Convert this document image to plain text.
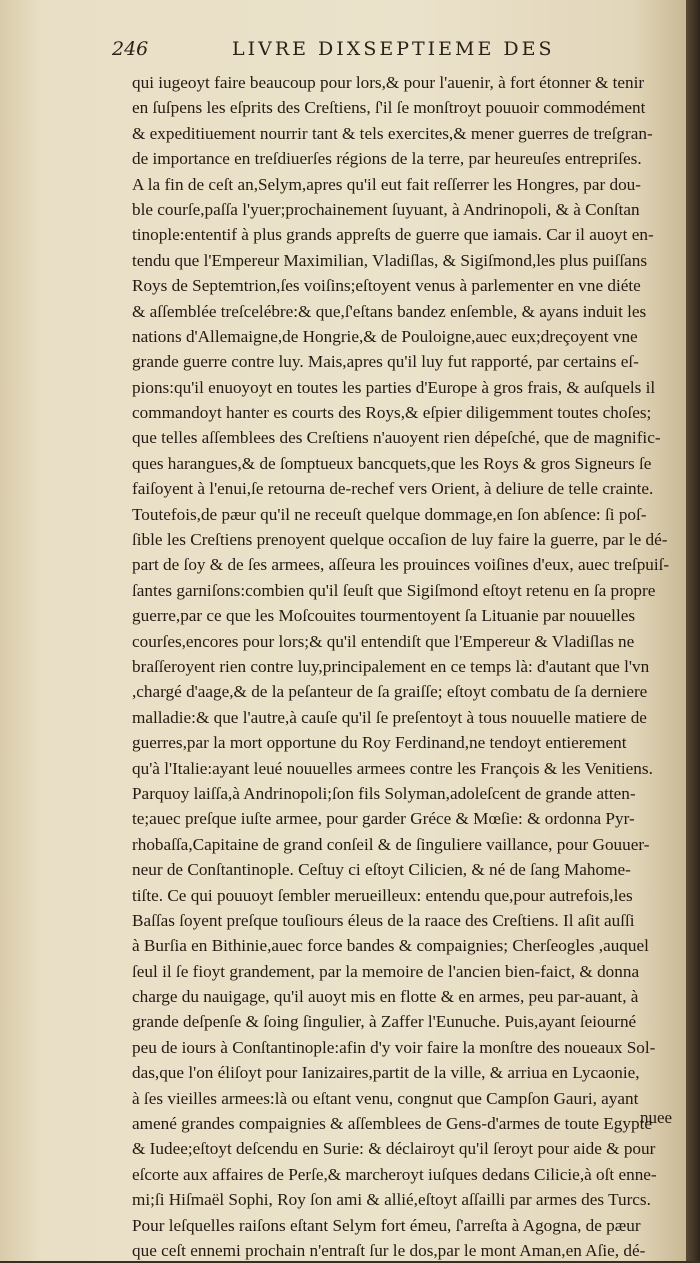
246	LIVRE DIXSEPTIEME DES
qui iugeoyt faire beaucoup pour lors,& pour l'auenir, à fort étonner & tenir
en ſuſpens les eſprits des Creſtiens, ſ'il ſe monſtroyt pouuoir commodément
& expeditiuement nourrir tant & tels exercites,& mener guerres de treſgran-
de importance en treſdiuerſes régions de la terre, par heureuſes entrepriſes.
A la fin de ceſt an,Selym,apres qu'il eut fait reſſerrer les Hongres, par dou-
ble courſe,paſſa l'yuer;prochainement ſuyuant, à Andrinopoli, & à Conſtan
tinople:ententif à plus grands appreſts de guerre que iamais. Car il auoyt en-
tendu que l'Empereur Maximilian, Vladiſlas, & Sigiſmond,les plus puiſſans
Roys de Septemtrion,ſes voiſins;eſtoyent venus à parlementer en vne diéte
& aſſemblée treſcelébre:& que,ſ'eſtans bandez enſemble, & ayans induit les
nations d'Allemaigne,de Hongrie,& de Pouloigne,auec eux;dreçoyent vne
grande guerre contre luy. Mais,apres qu'il luy fut rapporté, par certains eſ-
pions:qu'il enuoyoyt en toutes les parties d'Europe à gros frais, & auſquels il
commandoyt hanter es courts des Roys,& eſpier diligemment toutes choſes;
que telles aſſemblees des Creſtiens n'auoyent rien dépeſché, que de magnific-
ques harangues,& de ſomptueux bancquets,que les Roys & gros Signeurs ſe
faiſoyent à l'enui,ſe retourna de-rechef vers Orient, à deliure de telle crainte.
Toutefois,de pæur qu'il ne receuſt quelque dommage,en ſon abſence: ſi poſ-
ſible les Creſtiens prenoyent quelque occaſion de luy faire la guerre, par le dé-
part de ſoy & de ſes armees, aſſeura les prouinces voiſines d'eux, auec treſpuiſ-
ſantes garniſons:combien qu'il ſeuſt que Sigiſmond eſtoyt retenu en ſa propre
guerre,par ce que les Moſcouites tourmentoyent ſa Lituanie par nouuelles
courſes,encores pour lors;& qu'il entendiſt que l'Empereur & Vladiſlas ne
braſſeroyent rien contre luy,principalement en ce temps là: d'autant que l'vn
,chargé d'aage,& de la peſanteur de ſa graiſſe; eſtoyt combatu de ſa derniere
malladie:& que l'autre,à cauſe qu'il ſe preſentoyt à tous nouuelle matiere de
guerres,par la mort opportune du Roy Ferdinand,ne tendoyt entierement
qu'à l'Italie:ayant leué nouuelles armees contre les François & les Venitiens.
Parquoy laiſſa,à Andrinopoli;ſon fils Solyman,adoleſcent de grande atten-
te;auec preſque iuſte armee, pour garder Gréce & Mœſie: & ordonna Pyr-
rhobaſſa,Capitaine de grand conſeil & de ſinguliere vaillance, pour Gouuer-
neur de Conſtantinople. Ceſtuy ci eſtoyt Cilicien, & né de ſang Mahome-
tiſte. Ce qui pouuoyt ſembler merueilleux: entendu que,pour autrefois,les
Baſſas ſoyent preſque touſiours éleus de la raace des Creſtiens. Il aſit auſſi
à Burſia en Bithinie,auec force bandes & compaignies; Cherſeogles ,auquel
ſeul il ſe fioyt grandement, par la memoire de l'ancien bien-faict, & donna
charge du nauigage, qu'il auoyt mis en flotte & en armes, peu par-auant, à
grande deſpenſe & ſoing ſingulier, à Zaffer l'Eunuche. Puis,ayant ſeiourné
peu de iours à Conſtantinople:afin d'y voir faire la monſtre des noueaux Sol-
das,que l'on éliſoyt pour Ianizaires,partit de la ville, & arriua en Lycaonie,
à ſes vieilles armees:là ou eſtant venu, congnut que Campſon Gauri, ayant
amené grandes compaignies & aſſemblees de Gens-d'armes de toute Egypte
& Iudee;eſtoyt deſcendu en Surie: & déclairoyt qu'il ſeroyt pour aide & pour
eſcorte aux affaires de Perſe,& marcheroyt iuſques dedans Cilicie,à oſt enne-
mi;ſi Hiſmaël Sophi, Roy ſon ami & allié,eſtoyt aſſailli par armes des Turcs.
Pour leſquelles raiſons eſtant Selym fort émeu, ſ'arreſta à Agogna, de pæur
que ceſt ennemi prochain n'entraſt ſur le dos,par le mont Aman,en Aſie, dé-
nuee
